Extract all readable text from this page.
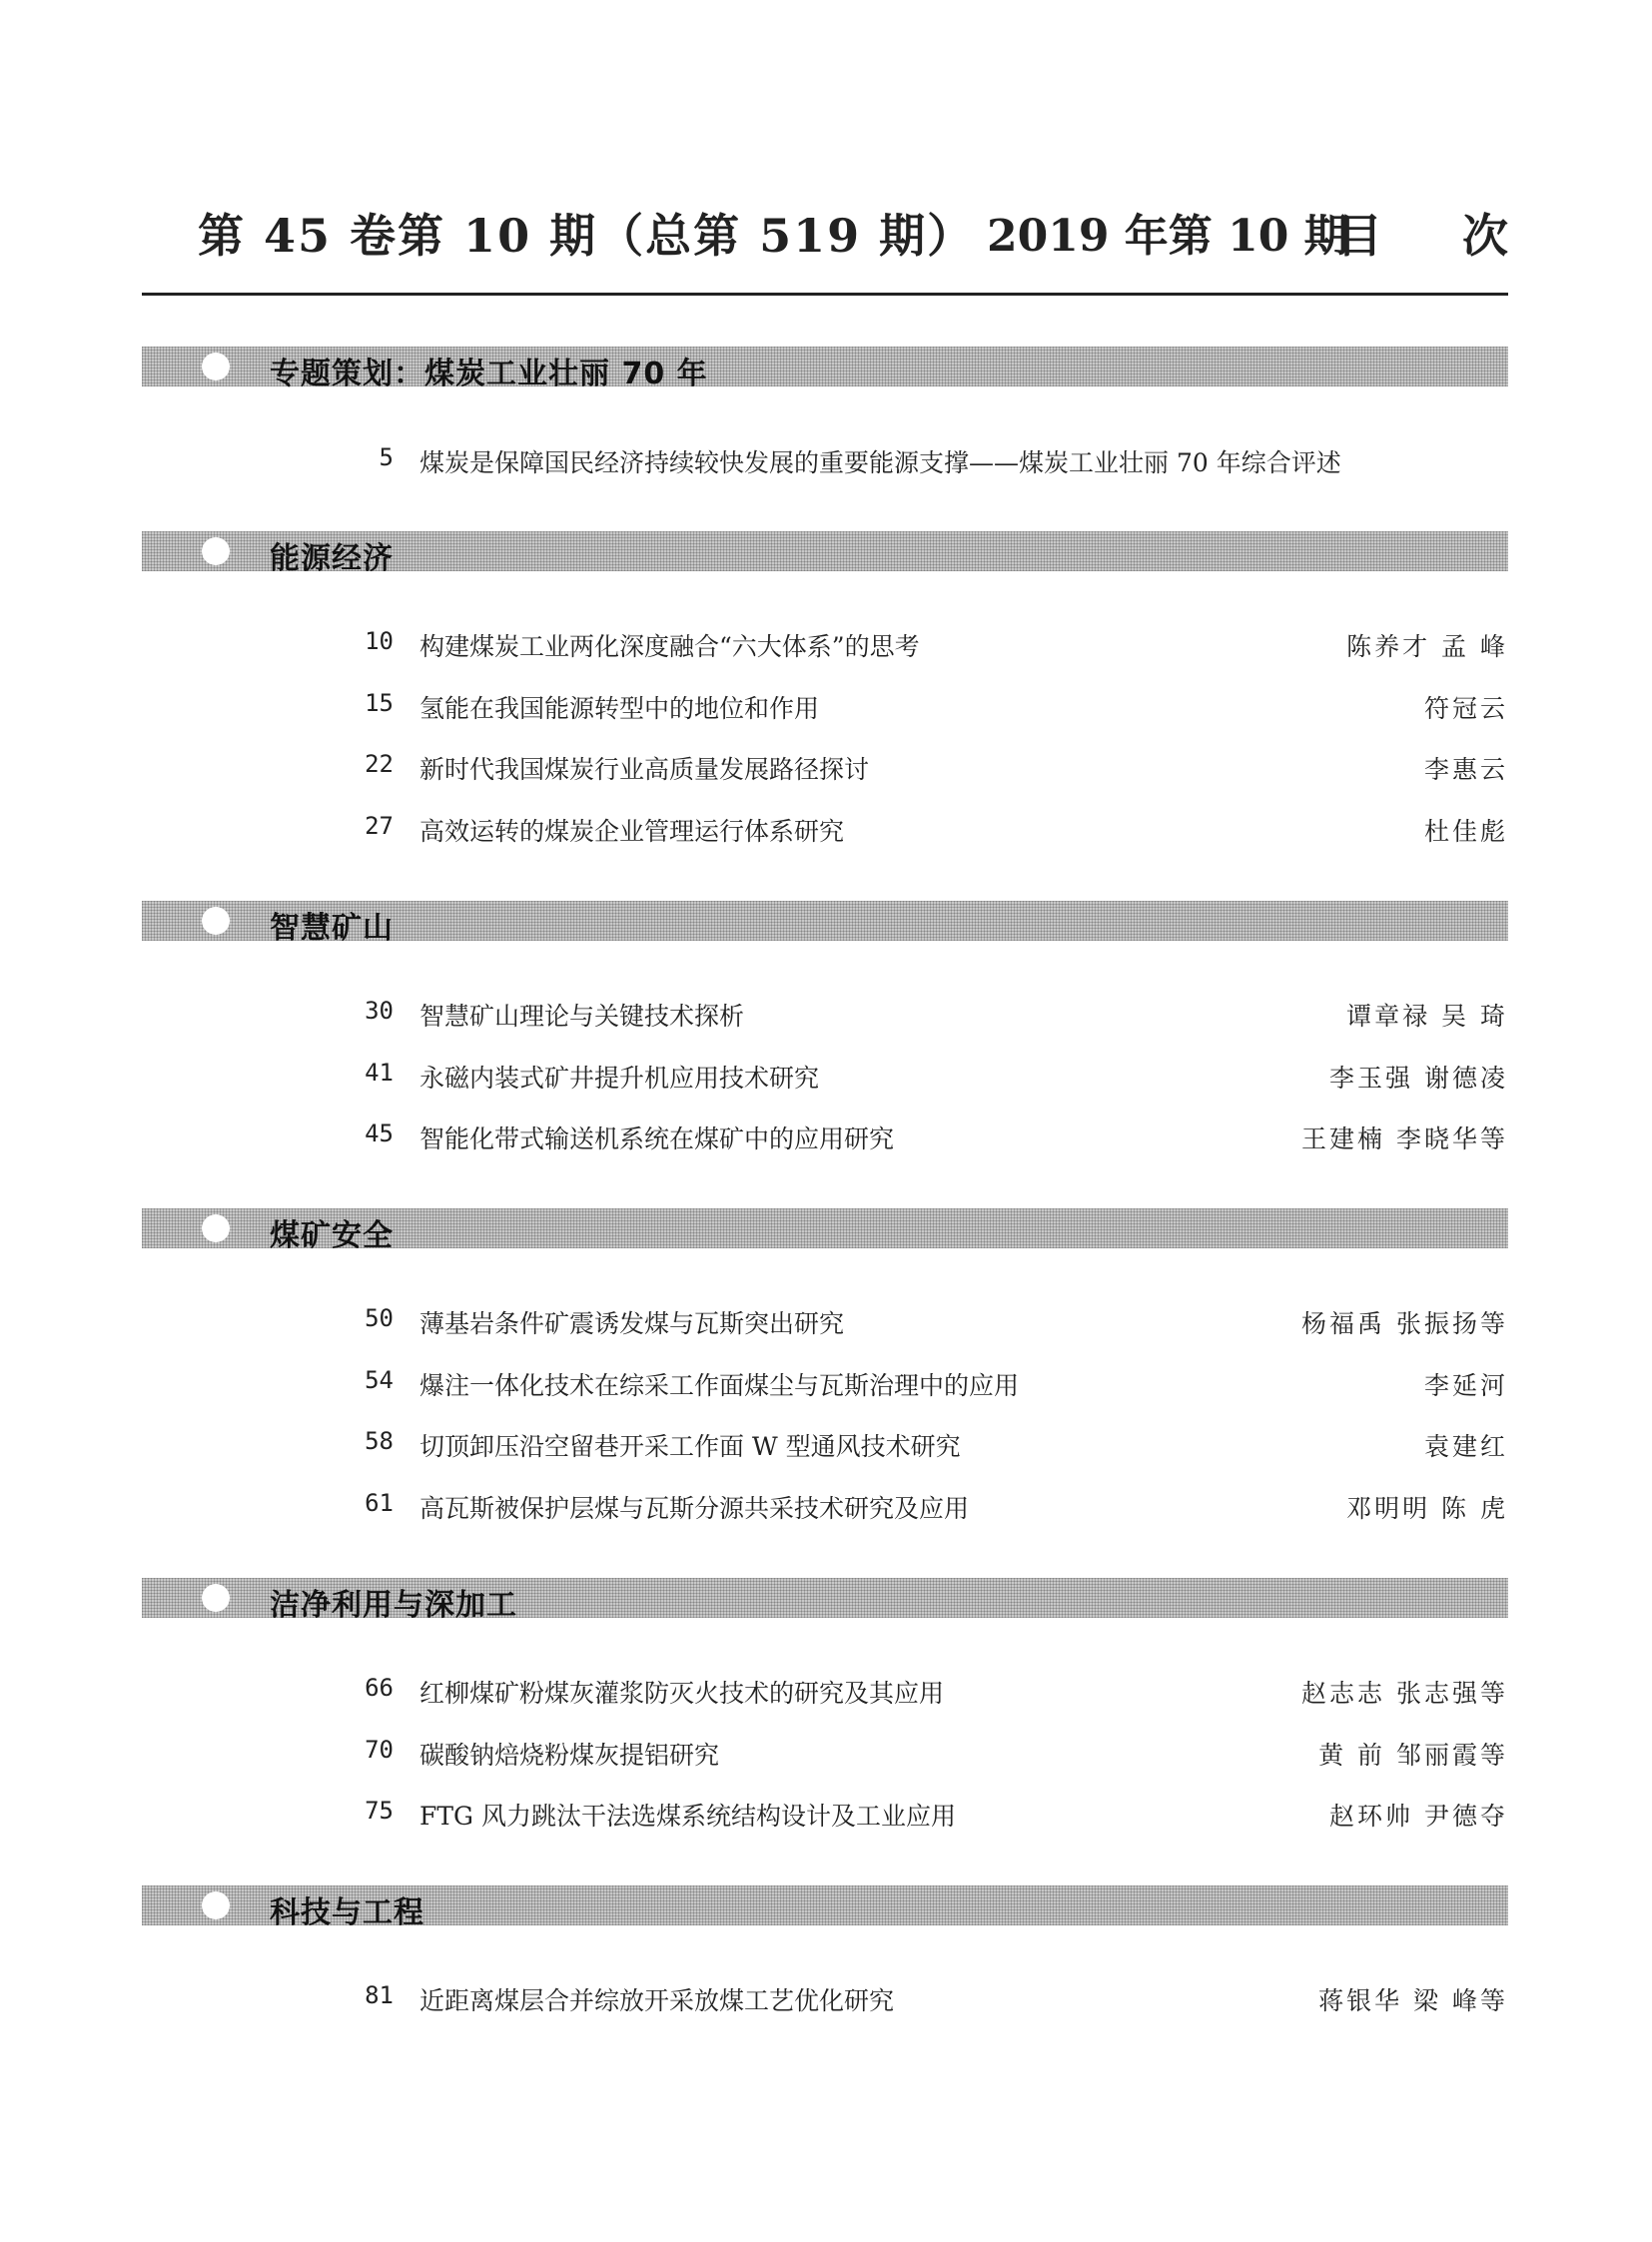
第 45 卷第 10 期（总第 519 期） 2019 年第 10 期
目次
专题策划：煤炭工业壮丽 70 年
5 煤炭是保障国民经济持续较快发展的重要能源支撑——煤炭工业壮丽 70 年综合评述
能源经济
10 构建煤炭工业两化深度融合“六大体系”的思考	陈养才 孟 峰
15 氢能在我国能源转型中的地位和作用	符冠云
22 新时代我国煤炭行业高质量发展路径探讨	李惠云
27 高效运转的煤炭企业管理运行体系研究	杜佳彪
智慧矿山
30 智慧矿山理论与关键技术探析	谭章禄 吴 琦
41 永磁内装式矿井提升机应用技术研究	李玉强 谢德凌
45 智能化带式输送机系统在煤矿中的应用研究	王建楠 李晓华等
煤矿安全
50 薄基岩条件矿震诱发煤与瓦斯突出研究	杨福禹 张振扬等
54 爆注一体化技术在综采工作面煤尘与瓦斯治理中的应用	李延河
58 切顶卸压沿空留巷开采工作面 W 型通风技术研究	袁建红
61 高瓦斯被保护层煤与瓦斯分源共采技术研究及应用	邓明明 陈 虎
洁净利用与深加工
66 红柳煤矿粉煤灰灌浆防灭火技术的研究及其应用	赵志志 张志强等
70 碳酸钠焙烧粉煤灰提铝研究	黄 前 邹丽霞等
75 FTG 风力跳汰干法选煤系统结构设计及工业应用	赵环帅 尹德夺
科技与工程
81 近距离煤层合并综放开采放煤工艺优化研究	蒋银华 梁 峰等
